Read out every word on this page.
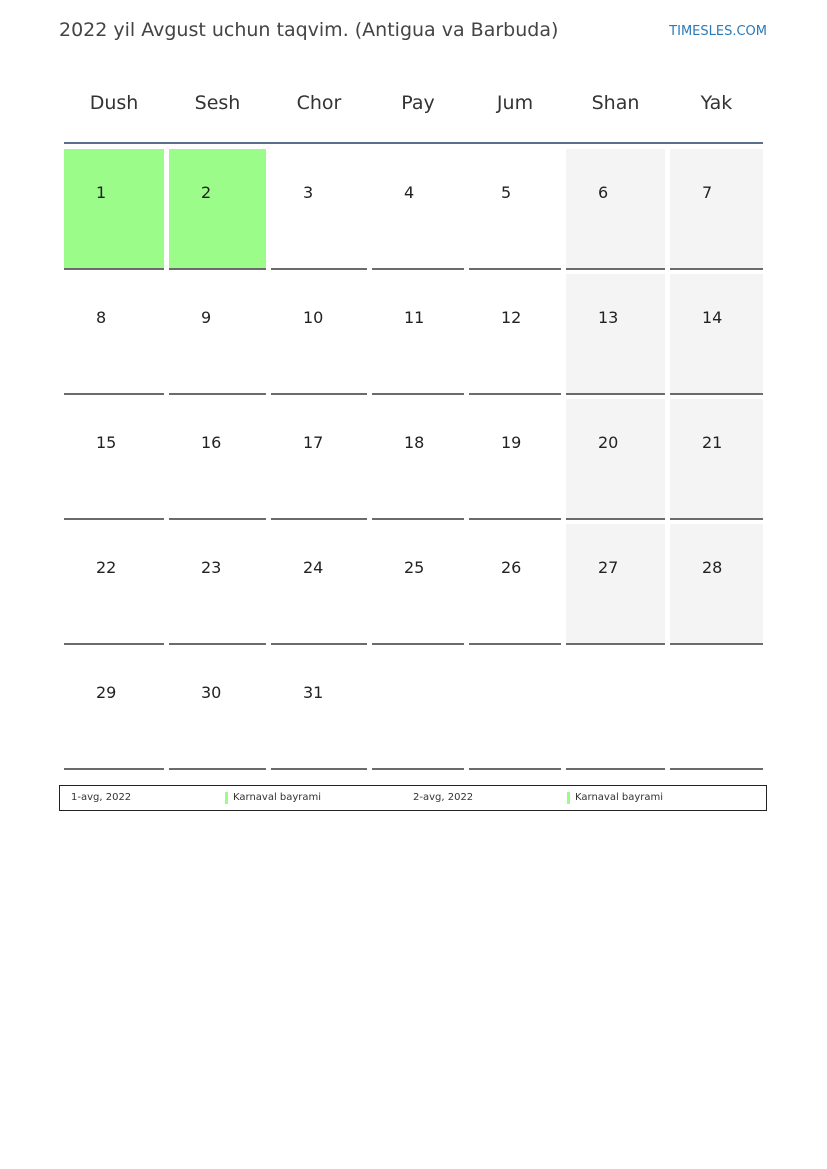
2022 yil Avgust uchun taqvim. (Antigua va Barbuda)	TIMESLES.COM
Dush	Sesh	Chor	Pay	Jum	Shan	Yak
1	2	3	4	5	6	7
8	9	10	11	12	13	14
15	16	17	18	19	20	21
22	23	24	25	26	27	28
29	30	31
1-avg, 2022	Karnaval bayrami	2-avg, 2022	Karnaval bayrami
